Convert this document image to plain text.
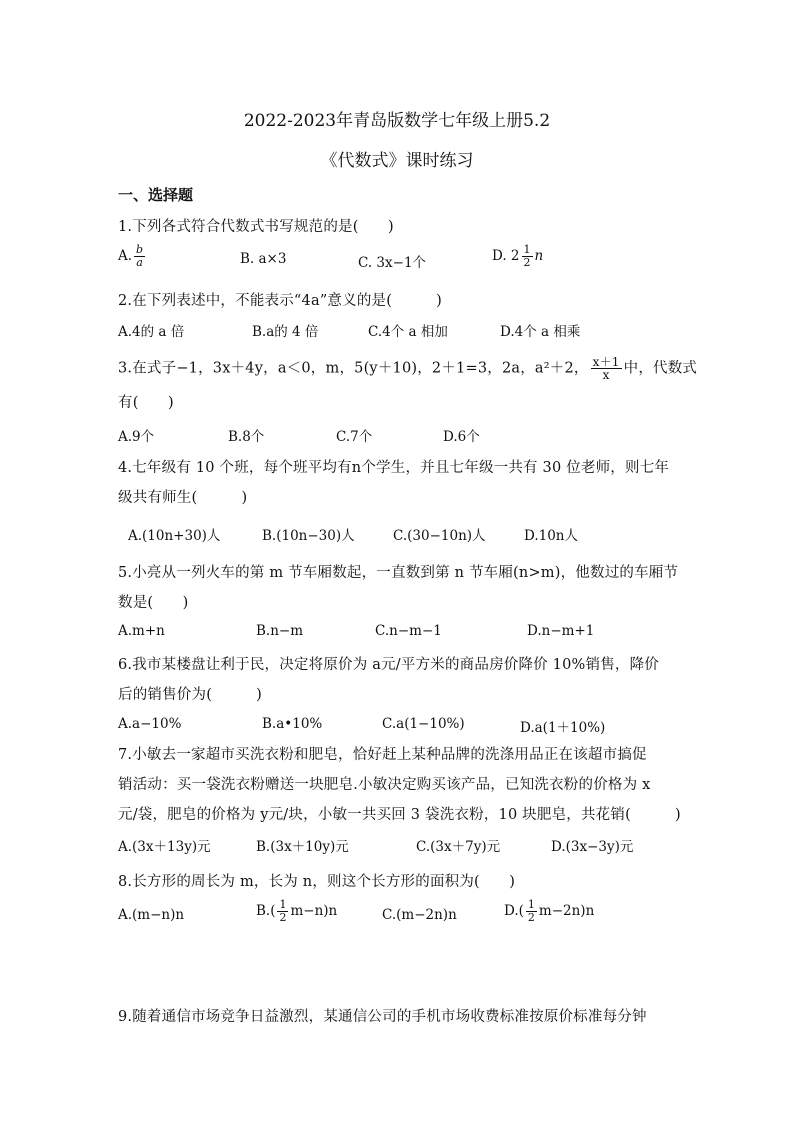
2022-2023年青岛版数学七年级上册5.2
《代数式》课时练习
一、选择题
1.下列各式符合代数式书写规范的是(　　)
A. $\frac{b}{a}$	B. a×3	C. 3x−1个	D. $2 \frac{1}{2}$ n
2.在下列表述中，不能表示“4a”意义的是(　　　)
A.4的 a 倍	B.a的 4 倍	C.4个 a 相加	D.4个 a 相乘
3.在式子−1，3x＋4y，a＜0，m，5(y＋10)，2＋1=3，2a，a²＋2， $\frac{x+1}{x}$ 中，代数式
有(　　)
A.9个	B.8个	C.7个	D.6个
4.七年级有 10 个班，每个班平均有n个学生，并且七年级一共有 30 位老师，则七年
级共有师生(　　　)
A.(10n+30)人	B.(10n−30)人	C.(30−10n)人	D.10n人
5.小亮从一列火车的第 m 节车厢数起，一直数到第 n 节车厢(n>m)，他数过的车厢节
数是(　　)
A.m+n	B.n−m	C.n−m−1	D.n−m+1
6.我市某楼盘让利于民，决定将原价为 a元/平方米的商品房价降价 10%销售，降价
后的销售价为(　　　)
A.a−10%	B.a•10%	C.a(1−10%)	D.a(1＋10%)
7.小敏去一家超市买洗衣粉和肥皂，恰好赶上某种品牌的洗涤用品正在该超市搞促
销活动：买一袋洗衣粉赠送一块肥皂.小敏决定购买该产品，已知洗衣粉的价格为 x
元/袋，肥皂的价格为 y元/块，小敏一共买回 3 袋洗衣粉，10 块肥皂，共花销(　　　)
A.(3x＋13y)元	B.(3x＋10y)元	C.(3x＋7y)元	D.(3x−3y)元
8.长方形的周长为 m，长为 n，则这个长方形的面积为(　　)
A.(m−n)n	$B.( \frac{1}{2} m-n)n$	C.(m−2n)n	$D.( \frac{1}{2} m-2n)n$
9.随着通信市场竞争日益激烈，某通信公司的手机市场收费标准按原价标准每分钟
